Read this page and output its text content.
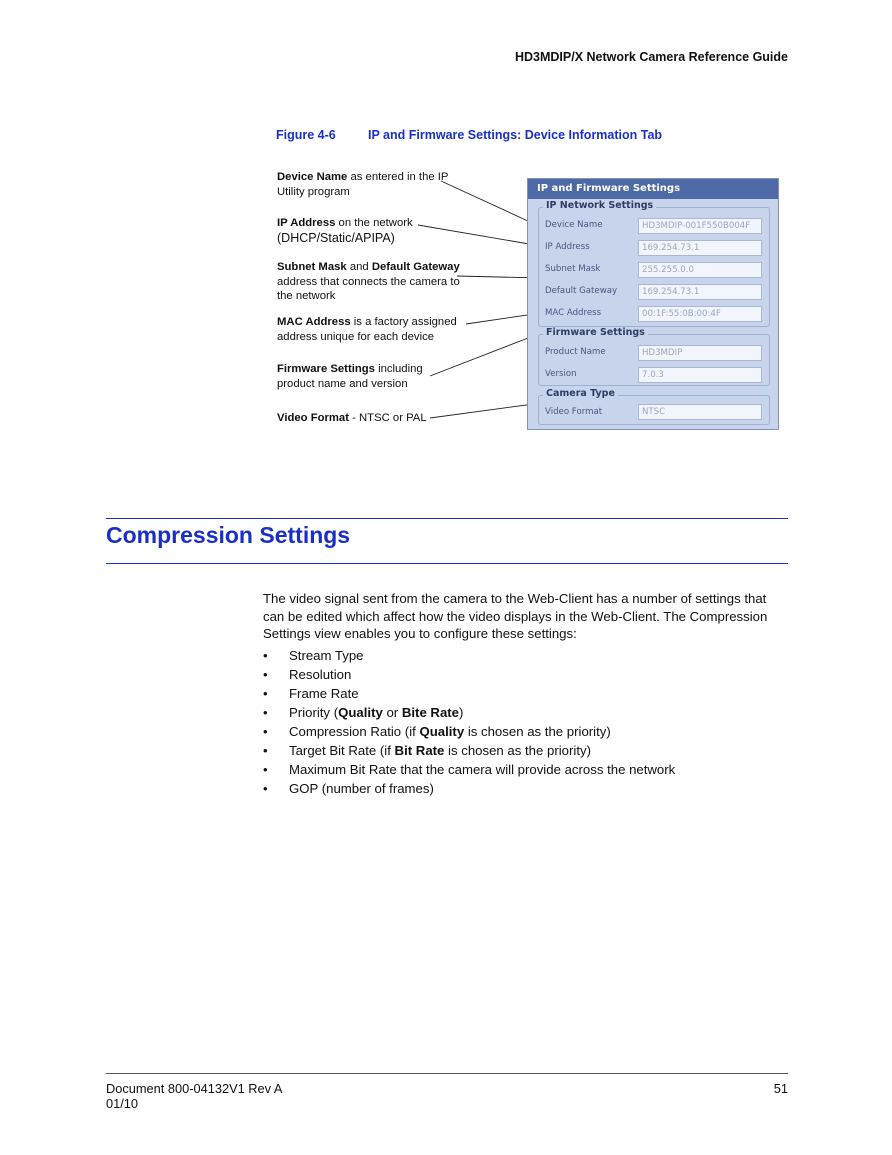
HD3MDIP/X Network Camera Reference Guide
Figure 4-6	IP and Firmware Settings: Device Information Tab
Device Name as entered in the IP Utility program
IP Address on the network
(DHCP/Static/APIPA)
Subnet Mask and Default Gateway address that connects the camera to the network
MAC Address is a factory assigned address unique for each device
Firmware Settings including product name and version
Video Format - NTSC or PAL
IP and Firmware Settings
IP Network Settings
Device Name	HD3MDIP-001F550B004F
IP Address	169.254.73.1
Subnet Mask	255.255.0.0
Default Gateway	169.254.73.1
MAC Address	00:1F:55:0B:00:4F
Firmware Settings
Product Name	HD3MDIP
Version	7.0.3
Camera Type
Video Format	NTSC
Compression Settings
The video signal sent from the camera to the Web-Client has a number of settings that can be edited which affect how the video displays in the Web-Client. The Compression Settings view enables you to configure these settings:
• Stream Type
• Resolution
• Frame Rate
• Priority (Quality or Bite Rate)
• Compression Ratio (if Quality is chosen as the priority)
• Target Bit Rate (if Bit Rate is chosen as the priority)
• Maximum Bit Rate that the camera will provide across the network
• GOP (number of frames)
Document 800-04132V1 Rev A
01/10
51
